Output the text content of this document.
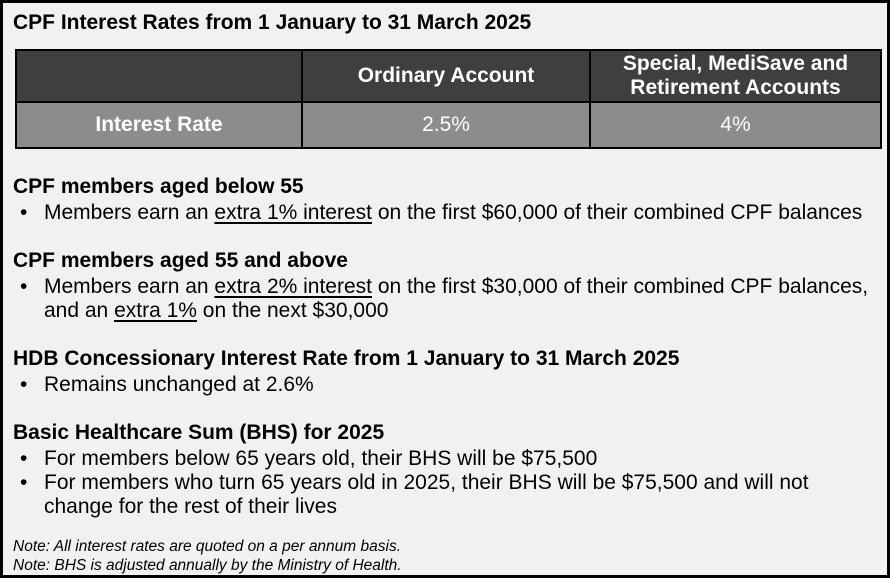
CPF Interest Rates from 1 January to 31 March 2025
	Ordinary Account	Special, MediSave and Retirement Accounts
Interest Rate	2.5%	4%
CPF members aged below 55
• Members earn an extra 1% interest on the first $60,000 of their combined CPF balances
CPF members aged 55 and above
• Members earn an extra 2% interest on the first $30,000 of their combined CPF balances, and an extra 1% on the next $30,000
HDB Concessionary Interest Rate from 1 January to 31 March 2025
• Remains unchanged at 2.6%
Basic Healthcare Sum (BHS) for 2025
• For members below 65 years old, their BHS will be $75,500
• For members who turn 65 years old in 2025, their BHS will be $75,500 and will not change for the rest of their lives
Note: All interest rates are quoted on a per annum basis.
Note: BHS is adjusted annually by the Ministry of Health.
